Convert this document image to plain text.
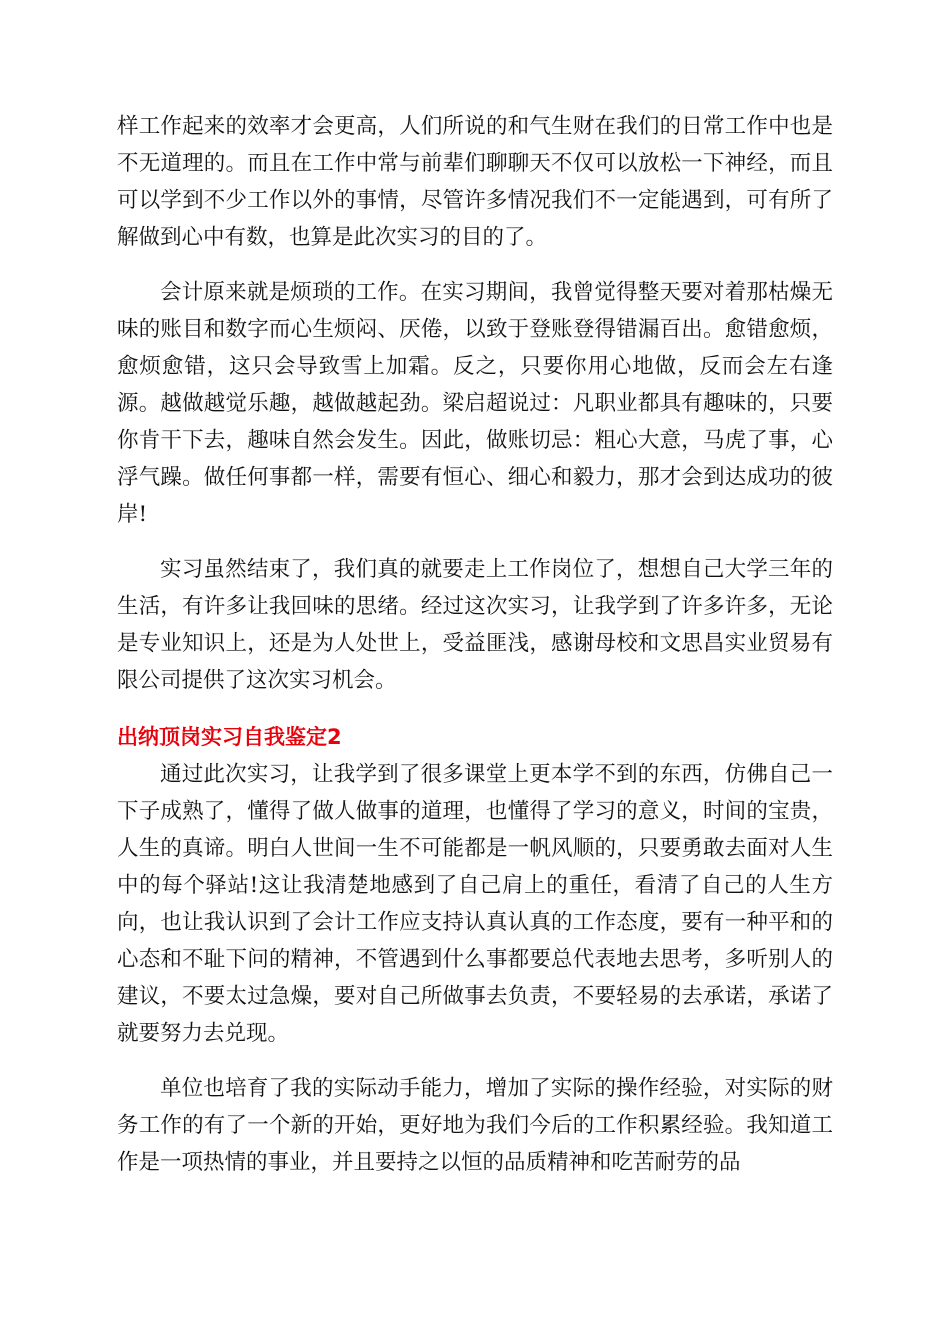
样工作起来的效率才会更高，人们所说的和气生财在我们的日常工作中也是不无道理的。而且在工作中常与前辈们聊聊天不仅可以放松一下神经，而且可以学到不少工作以外的事情，尽管许多情况我们不一定能遇到，可有所了解做到心中有数，也算是此次实习的目的了。

会计原来就是烦琐的工作。在实习期间，我曾觉得整天要对着那枯燥无味的账目和数字而心生烦闷、厌倦，以致于登账登得错漏百出。愈错愈烦，愈烦愈错，这只会导致雪上加霜。反之，只要你用心地做，反而会左右逢源。越做越觉乐趣，越做越起劲。梁启超说过：凡职业都具有趣味的，只要你肯干下去，趣味自然会发生。因此，做账切忌：粗心大意，马虎了事，心浮气躁。做任何事都一样，需要有恒心、细心和毅力，那才会到达成功的彼岸!

实习虽然结束了，我们真的就要走上工作岗位了，想想自己大学三年的生活，有许多让我回味的思绪。经过这次实习，让我学到了许多许多，无论是专业知识上，还是为人处世上，受益匪浅，感谢母校和文思昌实业贸易有限公司提供了这次实习机会。

出纳顶岗实习自我鉴定2

通过此次实习，让我学到了很多课堂上更本学不到的东西，仿佛自己一下子成熟了，懂得了做人做事的道理，也懂得了学习的意义，时间的宝贵，人生的真谛。明白人世间一生不可能都是一帆风顺的，只要勇敢去面对人生中的每个驿站!这让我清楚地感到了自己肩上的重任，看清了自己的人生方向，也让我认识到了会计工作应支持认真认真的工作态度，要有一种平和的心态和不耻下问的精神，不管遇到什么事都要总代表地去思考，多听别人的建议，不要太过急燥，要对自己所做事去负责，不要轻易的去承诺，承诺了就要努力去兑现。

单位也培育了我的实际动手能力，增加了实际的操作经验，对实际的财务工作的有了一个新的开始，更好地为我们今后的工作积累经验。我知道工作是一项热情的事业，并且要持之以恒的品质精神和吃苦耐劳的品
